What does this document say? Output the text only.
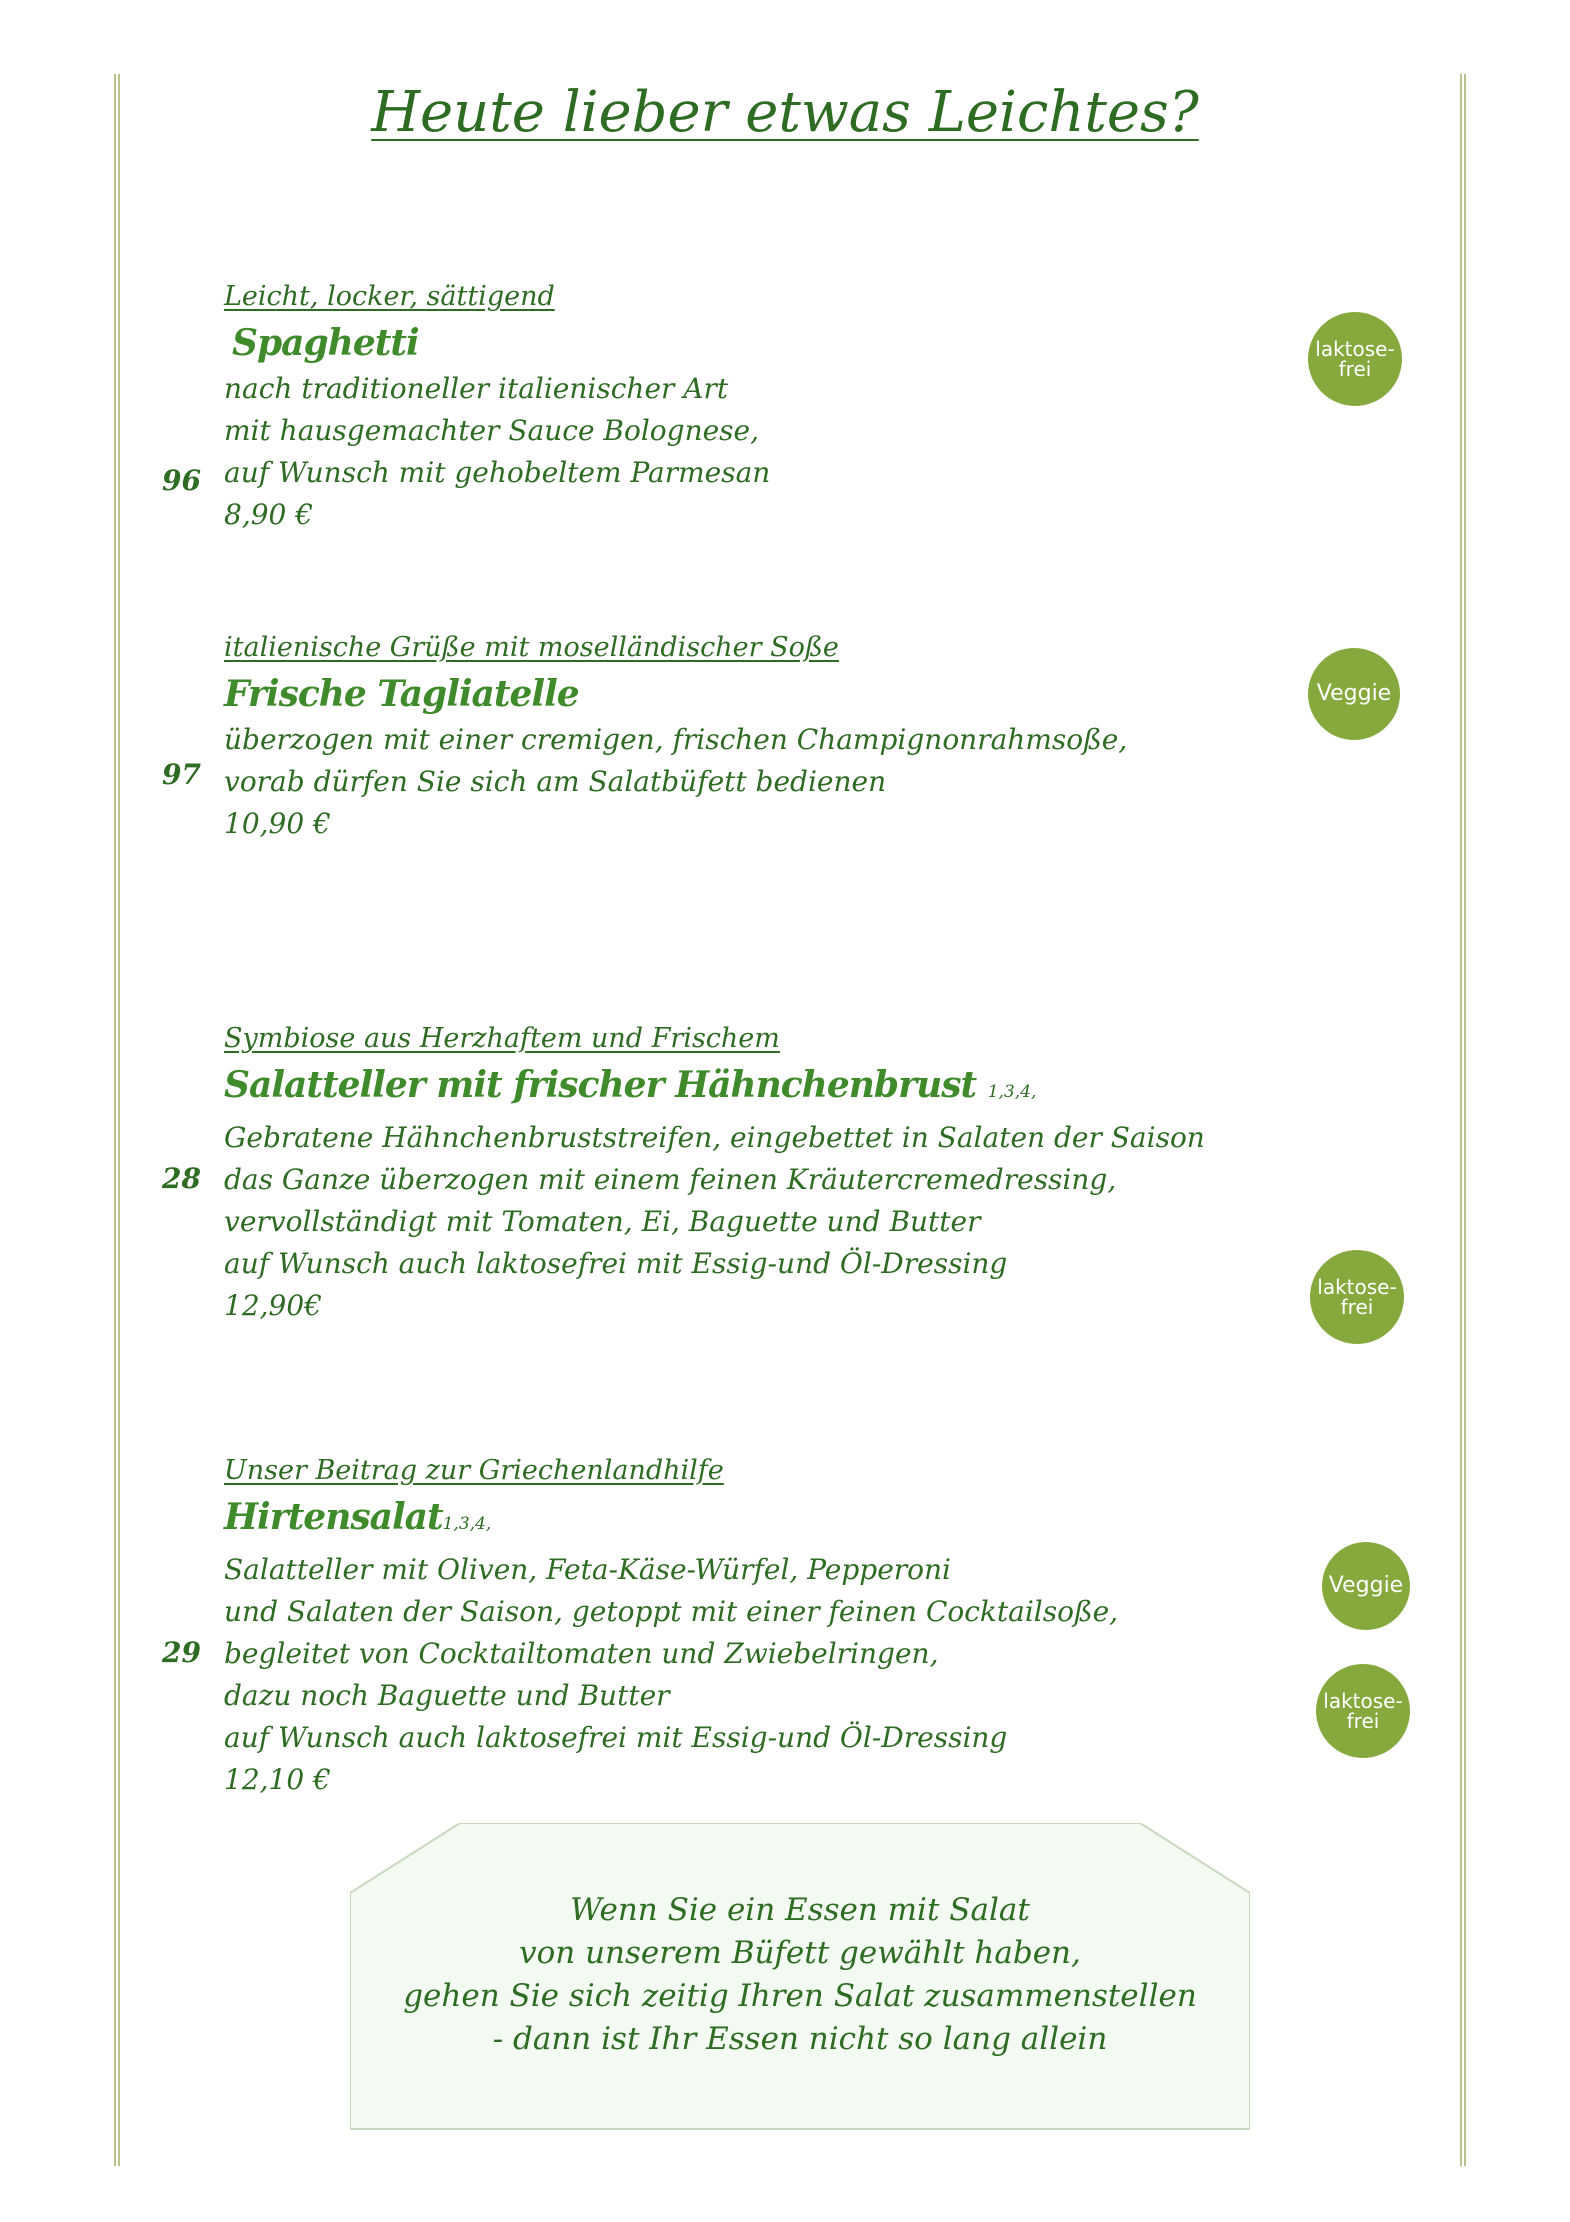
Heute lieber etwas Leichtes?
Leicht, locker, sättigend
Spaghetti
nach traditioneller italienischer Art
mit hausgemachter Sauce Bolognese,
auf Wunsch mit gehobeltem Parmesan
8,90 €
96
laktose-
frei
italienische Grüße mit moselländischer Soße
Frische Tagliatelle
überzogen mit einer cremigen, frischen Champignonrahmsoße,
vorab dürfen Sie sich am Salatbüfett bedienen
10,90 €
97
Veggie
Symbiose aus Herzhaftem und Frischem
Salatteller mit frischer Hähnchenbrust 1,3,4,
Gebratene Hähnchenbruststreifen, eingebettet in Salaten der Saison
das Ganze überzogen mit einem feinen Kräutercremedressing,
vervollständigt mit Tomaten, Ei, Baguette und Butter
auf Wunsch auch laktosefrei mit Essig-und Öl-Dressing
12,90€
28
laktose-
frei
Unser Beitrag zur Griechenlandhilfe
Hirtensalat1,3,4,
Salatteller mit Oliven, Feta-Käse-Würfel, Pepperoni
und Salaten der Saison, getoppt mit einer feinen Cocktailsoße,
begleitet von Cocktailtomaten und Zwiebelringen,
dazu noch Baguette und Butter
auf Wunsch auch laktosefrei mit Essig-und Öl-Dressing
12,10 €
29
Veggie
laktose-
frei
Wenn Sie ein Essen mit Salat
von unserem Büfett gewählt haben,
gehen Sie sich zeitig Ihren Salat zusammenstellen
- dann ist Ihr Essen nicht so lang allein
